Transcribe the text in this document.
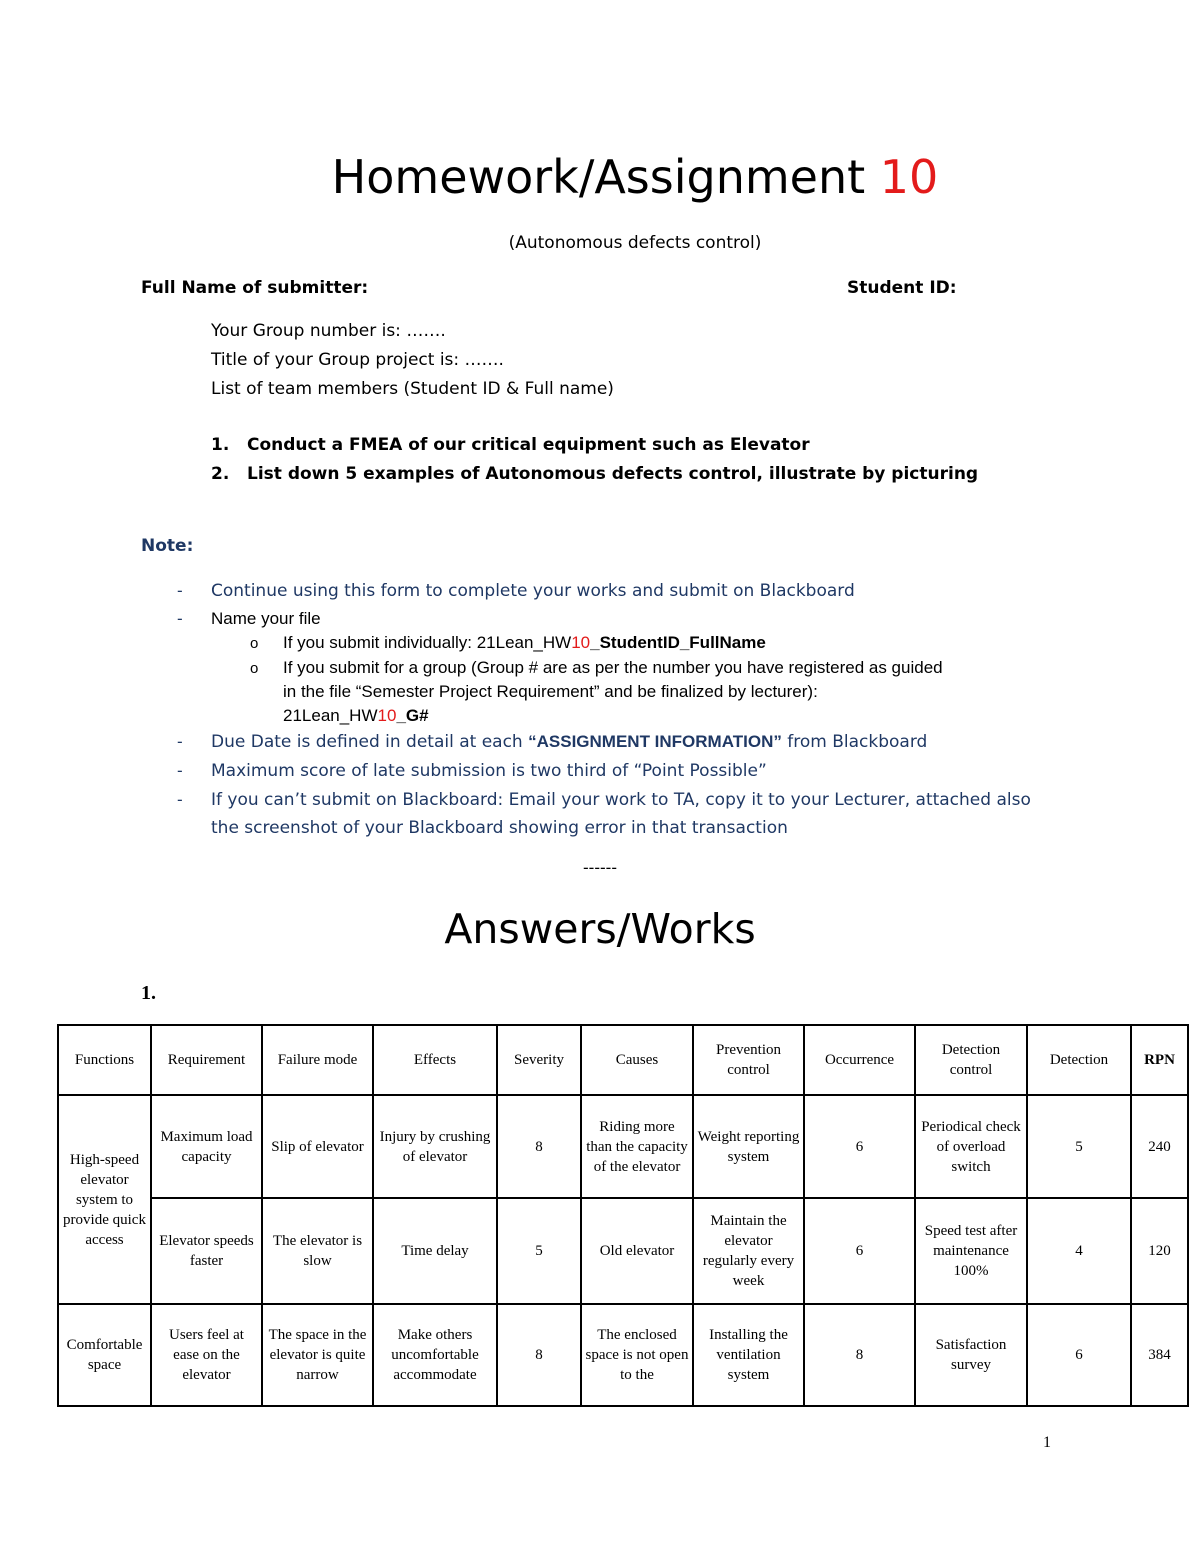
Homework/Assignment 10
(Autonomous defects control)
Full Name of submitter:	Student ID:
Your Group number is: …….
Title of your Group project is: …….
List of team members (Student ID & Full name)
1. Conduct a FMEA of our critical equipment such as Elevator
2. List down 5 examples of Autonomous defects control, illustrate by picturing
Note:
- Continue using this form to complete your works and submit on Blackboard
- Name your file
o If you submit individually: 21Lean_HW10_StudentID_FullName
o If you submit for a group (Group # are as per the number you have registered as guided
in the file “Semester Project Requirement” and be finalized by lecturer):
21Lean_HW10_G#
- Due Date is defined in detail at each “ASSIGNMENT INFORMATION” from Blackboard
- Maximum score of late submission is two third of “Point Possible”
- If you can’t submit on Blackboard: Email your work to TA, copy it to your Lecturer, attached also
the screenshot of your Blackboard showing error in that transaction
------
Answers/Works
1.
Functions	Requirement	Failure mode	Effects	Severity	Causes	Prevention control	Occurrence	Detection control	Detection	RPN
High-speed elevator system to provide quick access	Maximum load capacity	Slip of elevator	Injury by crushing of elevator	8	Riding more than the capacity of the elevator	Weight reporting system	6	Periodical check of overload switch	5	240
	Elevator speeds faster	The elevator is slow	Time delay	5	Old elevator	Maintain the elevator regularly every week	6	Speed test after maintenance 100%	4	120
Comfortable space	Users feel at ease on the elevator	The space in the elevator is quite narrow	Make others uncomfortable accommodate	8	The enclosed space is not open to the	Installing the ventilation system	8	Satisfaction survey	6	384
1
